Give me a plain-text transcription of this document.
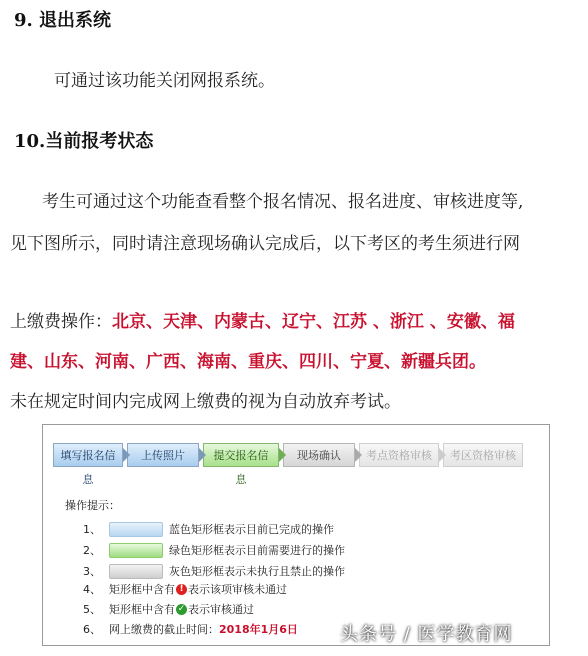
9. 退出系统
可通过该功能关闭网报系统。
10.当前报考状态
考生可通过这个功能查看整个报名情况、报名进度、审核进度等,
见下图所示，同时请注意现场确认完成后，以下考区的考生须进行网
上缴费操作：北京、天津、内蒙古、辽宁、江苏 、浙江 、安徽、福
建、山东、河南、广西、海南、重庆、四川、宁夏、新疆兵团。
未在规定时间内完成网上缴费的视为自动放弃考试。
填写报名信息
上传照片	提交报名信息
现场确认	考点资格审核	考区资格审核
操作提示：
1、	蓝色矩形框表示目前已完成的操作
2、	绿色矩形框表示目前需要进行的操作
3、	灰色矩形框表示未执行且禁止的操作
4、 矩形框中含有 ! 表示该项审核未通过
5、 矩形框中含有 ✓ 表示审核通过
6、 网上缴费的截止时间： 2018年1月6日 头条号 / 医学教育网
